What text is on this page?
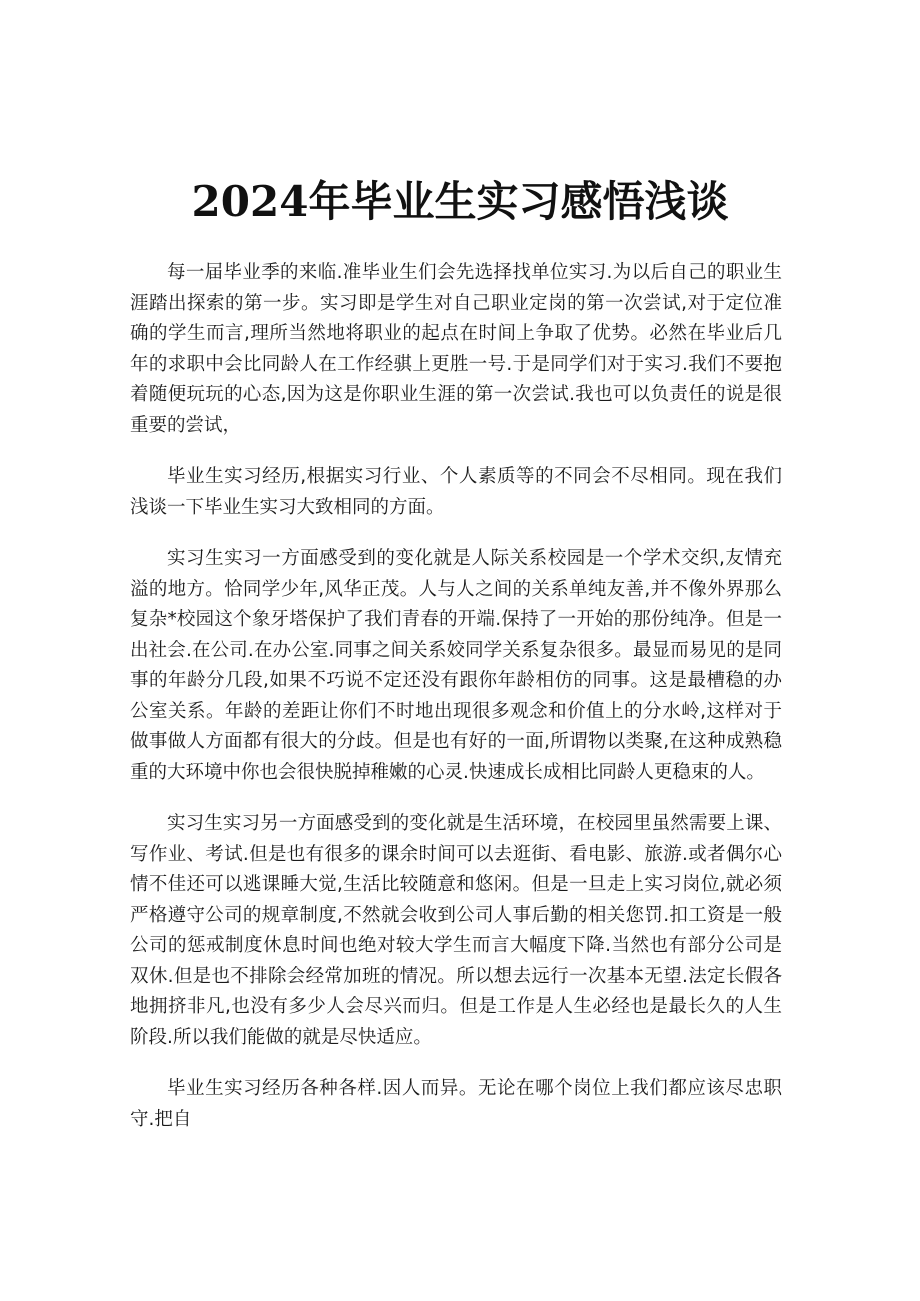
2024年毕业生实习感悟浅谈

每一届毕业季的来临.准毕业生们会先选择找单位实习.为以后自己的职业生涯踏出探索的第一步。实习即是学生对自己职业定岗的第一次尝试,对于定位准确的学生而言,理所当然地将职业的起点在时间上争取了优势。必然在毕业后几年的求职中会比同龄人在工作经骐上更胜一号.于是同学们对于实习.我们不要抱着随便玩玩的心态,因为这是你职业生涯的第一次尝试.我也可以负责任的说是很重要的尝试，

毕业生实习经历,根据实习行业、个人素质等的不同会不尽相同。现在我们浅谈一下毕业生实习大致相同的方面。

实习生实习一方面感受到的变化就是人际关系校园是一个学术交织,友情充溢的地方。恰同学少年,风华正茂。人与人之间的关系单纯友善,并不像外界那么复杂*校园这个象牙塔保护了我们青春的开端.保持了一开始的那份纯净。但是一出社会.在公司.在办公室.同事之间关系姣同学关系复杂很多。最显而易见的是同事的年龄分几段,如果不巧说不定还没有跟你年龄相仿的同事。这是最槽稳的办公室关系。年龄的差距让你们不时地出现很多观念和价值上的分水岭,这样对于做事做人方面都有很大的分歧。但是也有好的一面,所谓物以类聚,在这种成熟稳重的大环境中你也会很快脱掉稚嫩的心灵.快速成长成相比同龄人更稳束的人。

实习生实习另一方面感受到的变化就是生活环境，在校园里虽然需要上课、写作业、考试.但是也有很多的课余时间可以去逛街、看电影、旅游.或者偶尔心情不佳还可以逃课睡大觉,生活比较随意和悠闲。但是一旦走上实习岗位,就必须严格遵守公司的规章制度,不然就会收到公司人事后勤的相关您罚.扣工资是一般公司的惩戒制度休息时间也绝对较大学生而言大幅度下降.当然也有部分公司是双休.但是也不排除会经常加班的情况。所以想去远行一次基本无望.法定长假各地拥挤非凡,也没有多少人会尽兴而归。但是工作是人生必经也是最长久的人生阶段.所以我们能做的就是尽快适应。

毕业生实习经历各种各样.因人而异。无论在哪个岗位上我们都应该尽忠职守.把自
